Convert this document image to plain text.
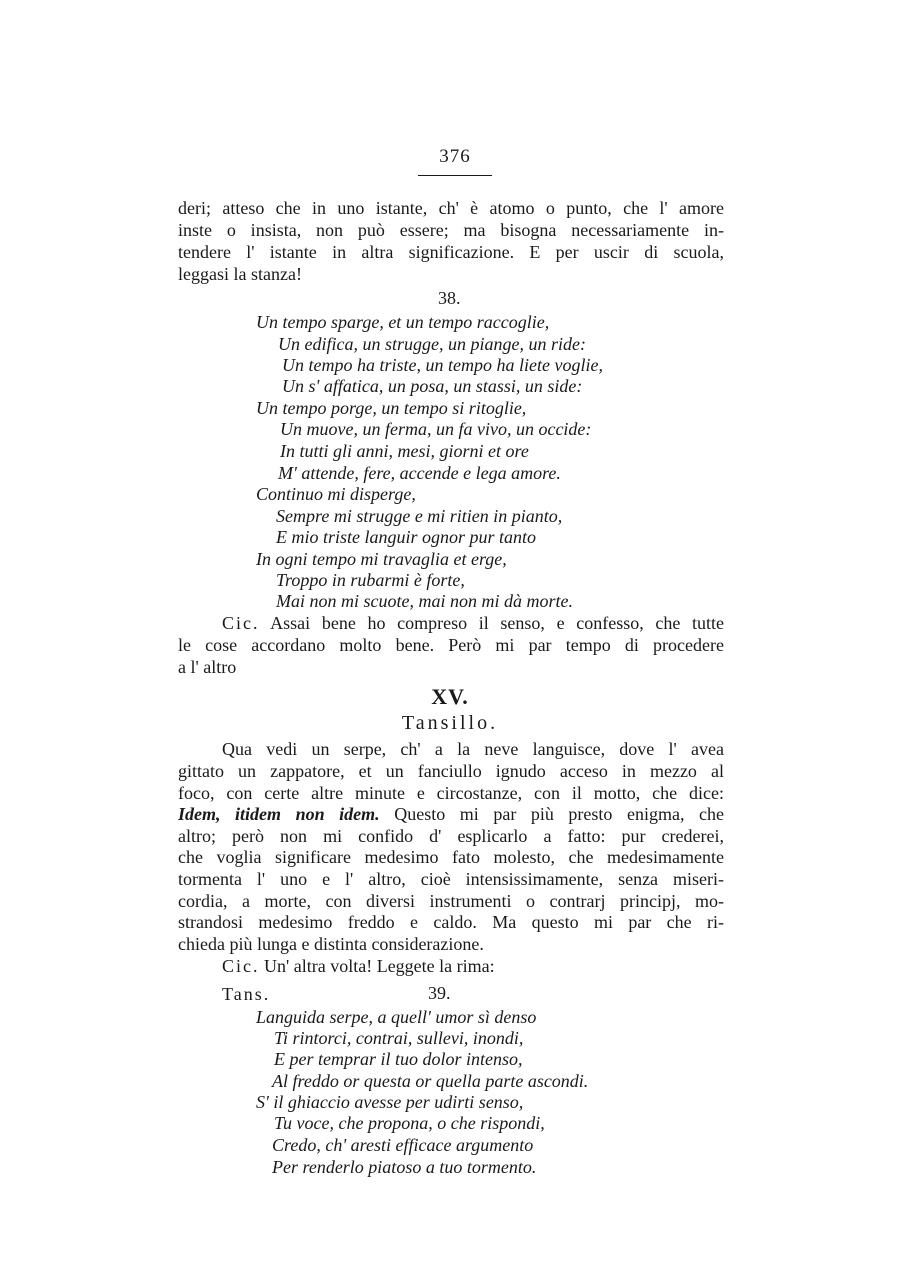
376
deri; atteso che in uno istante, ch' è atomo o punto, che l' amore
inste o insista, non può essere; ma bisogna necessariamente in-
tendere l' istante in altra significazione. E per uscir di scuola,
leggasi la stanza!
38.
Un tempo sparge, et un tempo raccoglie,
Un edifica, un strugge, un piange, un ride:
Un tempo ha triste, un tempo ha liete voglie,
Un s' affatica, un posa, un stassi, un side:
Un tempo porge, un tempo si ritoglie,
Un muove, un ferma, un fa vivo, un occide:
In tutti gli anni, mesi, giorni et ore
M' attende, fere, accende e lega amore.
Continuo mi disperge,
Sempre mi strugge e mi ritien in pianto,
E mio triste languir ognor pur tanto
In ogni tempo mi travaglia et erge,
Troppo in rubarmi è forte,
Mai non mi scuote, mai non mi dà morte.
Cic. Assai bene ho compreso il senso, e confesso, che tutte
le cose accordano molto bene. Però mi par tempo di procedere
a l' altro
XV.
Tansillo.
Qua vedi un serpe, ch' a la neve languisce, dove l' avea
gittato un zappatore, et un fanciullo ignudo acceso in mezzo al
foco, con certe altre minute e circostanze, con il motto, che dice:
Idem, itidem non idem. Questo mi par più presto enigma, che
altro; però non mi confido d' esplicarlo a fatto: pur crederei,
che voglia significare medesimo fato molesto, che medesimamente
tormenta l' uno e l' altro, cioè intensissimamente, senza miseri-
cordia, a morte, con diversi instrumenti o contrarj principj, mo-
strandosi medesimo freddo e caldo. Ma questo mi par che ri-
chieda più lunga e distinta considerazione.
Cic. Un' altra volta! Leggete la rima:
Tans.	39.
Languida serpe, a quell' umor sì denso
Ti rintorci, contrai, sullevi, inondi,
E per temprar il tuo dolor intenso,
Al freddo or questa or quella parte ascondi.
S' il ghiaccio avesse per udirti senso,
Tu voce, che propona, o che rispondi,
Credo, ch' aresti efficace argumento
Per renderlo piatoso a tuo tormento.
